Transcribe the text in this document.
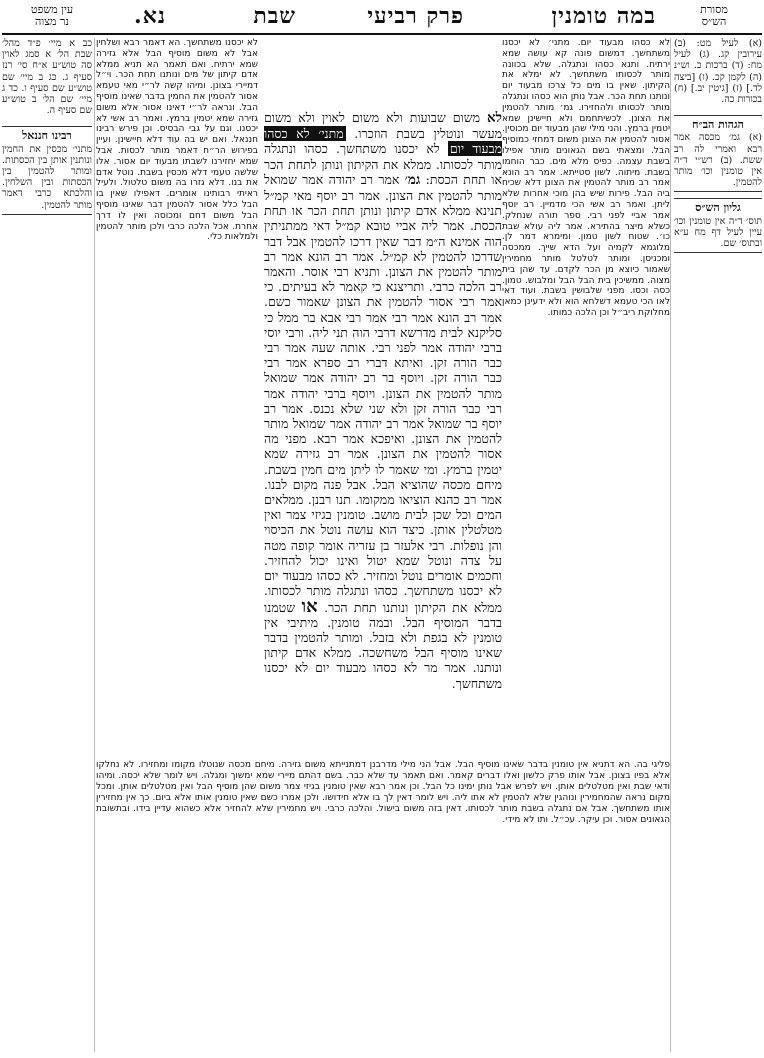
מסורת
הש״ס
במה טומנין
פרק רביעי
שבת
נא.
עין משפט
נר מצוה
(א) לעיל מט: (ב) עירובין קג. (ג) לעיל מח: (ד) ברכות כ. וש״נ (ה) לקמן קכ. (ו) [ביצה לד.] (ז) [גיטין יב.] (ח) בכורות כה.
הגהות הב״ח
(א) גמ׳ מכסה אמר רבא ואמרי לה רב ששת. (ב) רש״י ד״ה אין טומנין וכו׳ מותר להטמין.
גליון הש״ס
תוס׳ ד״ה אין טומנין וכו׳ עיין לעיל דף מח ע״א ובתוס׳ שם.
כב א מיי׳ פ״ד מהל׳ שבת הל׳ א סמג לאוין סה טוש״ע א״ח סי׳ רנז סעיף ג. כג ב מיי׳ שם טוש״ע שם סעיף ו. כד ג מיי׳ שם הל׳ ב טוש״ע שם סעיף ה.
רבינו חננאל
מתני׳ מכסין את החמין ונותנין אותן בין הכסתות. ומותר להטמין בין הכסתות ובין השלחין. והלכתא כרבי דאמר מותר להטמין.
לא כסהו מבעוד יום. מתני׳ לא יכסנו משתחשך. דמשום פונה קא עושה שמא ירתיח. ותנא כסהו ונתגלה. שלא בכוונה מותר לכסותו משתחשך. לא ימלא את הקיתון. שאין בו מים כל צרכו מבעוד יום ונותנו תחת הכר. אבל נותן הוא כסהו ונתגלה מותר לכסותו ולהחזירו. גמ׳ מותר להטמין את הצונן. לכשיתחמם ולא חיישינן שמא יטמין ברמץ. והני מילי שהן מבעוד יום מכוסין. אסור להטמין את הצונן משום דמחזי כמוסיף הבל. ומצאתי בשם הגאונים מותר אפילו בשבת עצמה. כפיס מלא מים. כבר הוחמו בשבת. מיתוה. לשון סטייתא. אמר רב הונא אמר רב מותר להטמין את הצונן דלא שכיח ביה הבל. פירות שיש בהן מוכי אחרות שלא ליתן. ואמר רב אשי הכי מדמיין. רב יוסף אמר אביי לפני רבי. ספר תורה שנחלק. כשלא מיצר בהתירא. אמר ליה עולא שבת כו׳. שטוח לשון טמון. ומימרא דמר לן. מלוגמא לקמיה ועל הדא שייך. ממכסה ומכניסן. ומותר לטלטל מותר מחמירין שאמור כיוצא מן הכר לקדם. עד שהן בית מצוה. ממשיכין בית הבל הבל ומלבוש. טמון. כסה וכסו. מפני שלבושין בשבת. ועוד דאי לאו הכי טעמא דשלחא הוא ולא ידעינן כמאן מחלוקת ריב״ל וכן הלכה כמותו.
לא יכסנו משתחשך. הא דאמר רבא ושלחין אבל לא משום מוסיף הבל אלא גזירה שמא ירתיח. ואם תאמר הא תניא ממלא אדם קיתון של מים ונותנו תחת הכר. וי״ל דמיירי בצונן. ומיהו קשה לר״י מאי טעמא אסור להטמין את החמין בדבר שאינו מוסיף הבל. ונראה לר״י דאינו אסור אלא משום גזירה שמא יטמין ברמץ. ואמר רב אשי לא יכסנו. וגם על גבי הבסיס. וכן פירש רבינו חננאל. ואם יש בה עוד דלא חיישינן. ועיין בפירוש הר״ח דאמר מותר לכסות. אבל שמא יחזירנו לשבתו מבעוד יום אסור. אלו שלשה טעמי דלא מכסין בשבת. נוטל אדם את בנו. דלא גזרו בה משום טלטול. ולעיל ראיתי רבותינו אומרים. דאפילו שאין בו הבל כלל אסור להטמין דבר שאינו מוסיף הבל משום דחם ומכוסה ואין לו דרך אחרת. אכל הלכה כרבי ולכן מותר להטמין ולמלאות כלי.
לא משום שבועות ולא משום לאוין ולא משום מעשר ונוטלין בשבת הוזכרו. מתני׳ לא כסהו מבעוד יום לא יכסנו משתחשך. כסהו ונתגלה מותר לכסותו. ממלא את הקיתון ונותן לתחת הכר או תחת הכסת: גמ׳ אמר רב יהודה אמר שמואל מותר להטמין את הצונן. אמר רב יוסף מאי קמ״ל תנינא ממלא אדם קיתון ונותן תחת הכר או תחת הכסת. אמר ליה אביי טובא קמ״ל דאי ממתניתין הוה אמינא ה״מ דבר שאין דרכו להטמין אבל דבר שדרכו להטמין לא קמ״ל. אמר רב הונא אמר רב מותר להטמין את הצונן. ותניא רבי אוסר. והאמר רב הלכה כרבי. ותריצנא כי קאמר לא בעיתים. כי אמר רבי אסור להטמין את הצונן שאמור כשם. אמר רב הונא אמר רבי אמר רבי אבא בר ממל כי סליקנא לבית מדרשא דרבי הוה תני ליה. ורבי יוסי ברבי יהודה אמר לפני רבי. אותה שעה אמר רבי כבר הורה זקן. ואיתא דברי רב ספרא אמר רבי כבר הורה זקן. ויוסף בר רב יהודה אמר שמואל מותר להטמין את הצונן. ויוסף ברבי יהודה אמר רבי כבר הורה זקן ולא שני שלא נכנס. אמר רב יוסף בר שמואל אמר רב יהודה אמר שמואל מותר להטמין את הצונן. ואיפכא אמר רבא. מפני מה אסור להטמין את הצונן. אמר רב גזירה שמא יטמין ברמץ. ומי שאמר לו ליתן מים חמין בשבת. מיחם מכסה שהוציא הבל. אבל פנה מקום לבנו. אמר רב כהנא הוציאו ממקומו. תנו רבנן. ממלאים המים וכל שכן לבית מושב. טומנין בגיזי צמר ואין מטלטלין אותן. כיצד הוא עושה נוטל את הכיסוי והן נופלות. רבי אלעזר בן עזריה אומר קופה מטה על צדה ונוטל שמא יטול ואינו יכול להחזיר. וחכמים אומרים נוטל ומחזיר. לא כסהו מבעוד יום לא יכסנו משתחשך. כסהו ונתגלה מותר לכסותו. ממלא את הקיתון ונותנו תחת הכר. או שטמנו בדבר המוסיף הבל. ובמה טומנין. מיתיבי אין טומנין לא בגפת ולא בזבל. ומותר להטמין בדבר שאינו מוסיף הבל משחשכה. ממלא אדם קיתון ונותנו. אמר מר לא כסהו מבעוד יום לא יכסנו משתחשך.
פליגי בה. הא דתניא אין טומנין בדבר שאינו מוסיף הבל. אבל הני מילי מדרבנן דמתנייתא משום גזירה. מיחם מכסה שנוטלו מקומו ומחזירו. לא נחלקו אלא בפיו בצונן. אבל אותו פרק כלשון ואלו דברים קאמר. ואם תאמר עד שלא כבר. בשם דהתם מיירי שמא ימשוך ומגלה. ויש לומר שלא יכסה. ומיהו ודאי שבת ואין מטלטלים אותן. ויש לפרש אבל נותן ימינו כל הבל. וכן אמר רבא שאין טומנין בגיזי צמר משום שהן מוסיף הבל ואין מטלטלים אותן. ומכל מקום נראה שהמחמירין ונוהגין שלא להטמין לא אתו ליה. ויש לומר דאין לך בו אלא חידושו. ולכן אמרו כשם שאין טומנין אותו אלא ביום. כך אין מחזירין אותו משתחשך. אבל אם נתגלה בשבת מותר לכסותו. דאין בזה משום בישול. והלכה כרבי. ויש מחמירין שלא להחזיר אלא כשהוא עדיין בידו. ובתשובת הגאונים אסור. וכן עיקר. עכ״ל. ותו לא מידי.
